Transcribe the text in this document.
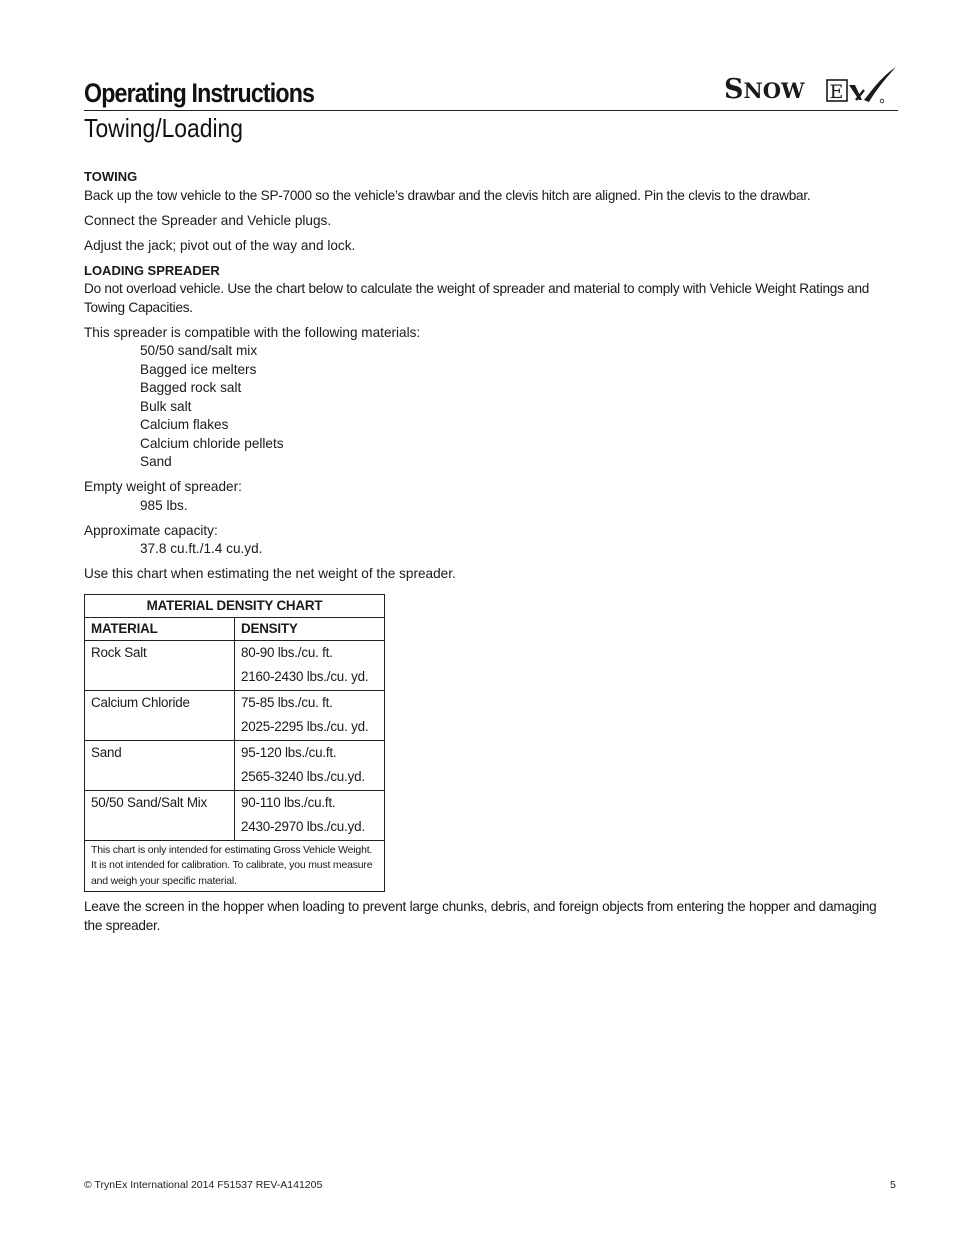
Operating Instructions
Towing/Loading
SNOW E

TOWING

Back up the tow vehicle to the SP-7000 so the vehicle’s drawbar and the clevis hitch are aligned. Pin the clevis to the drawbar.

Connect the Spreader and Vehicle plugs.

Adjust the jack; pivot out of the way and lock.

LOADING SPREADER

Do not overload vehicle. Use the chart below to calculate the weight of spreader and material to comply with Vehicle Weight Ratings and Towing Capacities.

This spreader is compatible with the following materials:

50/50 sand/salt mix

Bagged ice melters

Bagged rock salt

Bulk salt

Calcium flakes

Calcium chloride pellets

Sand

Empty weight of spreader:

985 lbs.

Approximate capacity:

37.8 cu.ft./1.4 cu.yd.

Use this chart when estimating the net weight of the spreader.

MATERIAL DENSITY CHART	
MATERIAL	DENSITY
Rock Salt	80-90 lbs./cu. ft.
2160-2430 lbs./cu. yd.

Calcium Chloride	75-85 lbs./cu. ft.
2025-2295 lbs./cu. yd.

Sand	95-120 lbs./cu.ft.
2565-3240 lbs./cu.yd.

50/50 Sand/Salt Mix	90-110 lbs./cu.ft.
2430-2970 lbs./cu.yd.

This chart is only intended for estimating Gross Vehicle Weight. It is not intended for calibration. To calibrate, you must measure and weigh your specific material.	

Leave the screen in the hopper when loading to prevent large chunks, debris, and foreign objects from entering the hopper and damaging the spreader.

© TrynEx International 2014 F51537 REV-A141205	5
